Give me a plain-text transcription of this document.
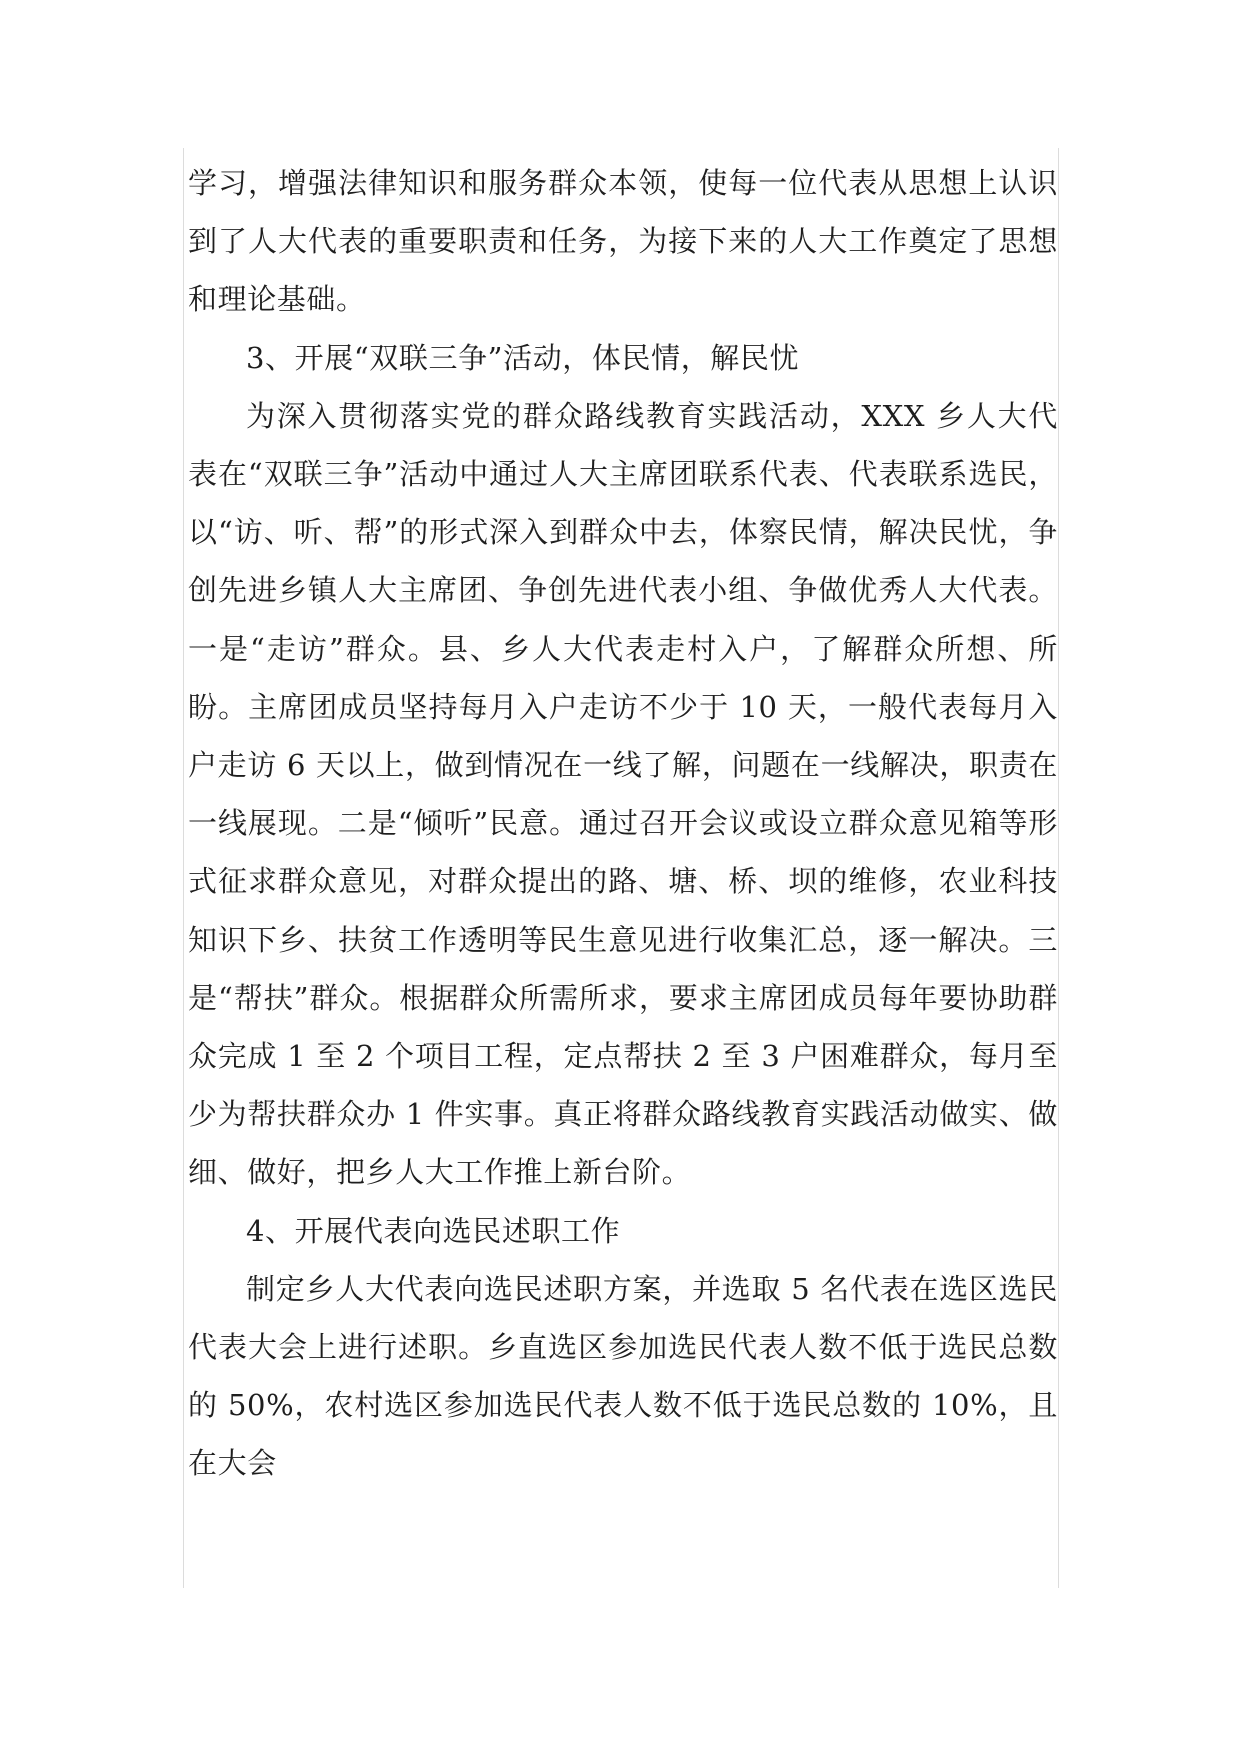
学习，增强法律知识和服务群众本领，使每一位代表从思想上认识到了人大代表的重要职责和任务，为接下来的人大工作奠定了思想和理论基础。

3、开展“双联三争”活动，体民情，解民忧

为深入贯彻落实党的群众路线教育实践活动，XXX 乡人大代表在“双联三争”活动中通过人大主席团联系代表、代表联系选民，以“访、听、帮”的形式深入到群众中去，体察民情，解决民忧，争创先进乡镇人大主席团、争创先进代表小组、争做优秀人大代表。一是“走访”群众。县、乡人大代表走村入户，了解群众所想、所盼。主席团成员坚持每月入户走访不少于 10 天，一般代表每月入户走访 6 天以上，做到情况在一线了解，问题在一线解决，职责在一线展现。二是“倾听”民意。通过召开会议或设立群众意见箱等形式征求群众意见，对群众提出的路、塘、桥、坝的维修，农业科技知识下乡、扶贫工作透明等民生意见进行收集汇总，逐一解决。三是“帮扶”群众。根据群众所需所求，要求主席团成员每年要协助群众完成 1 至 2 个项目工程，定点帮扶 2 至 3 户困难群众，每月至少为帮扶群众办 1 件实事。真正将群众路线教育实践活动做实、做细、做好，把乡人大工作推上新台阶。

4、开展代表向选民述职工作

制定乡人大代表向选民述职方案，并选取 5 名代表在选区选民代表大会上进行述职。乡直选区参加选民代表人数不低于选民总数的 50%，农村选区参加选民代表人数不低于选民总数的 10%，且在大会
